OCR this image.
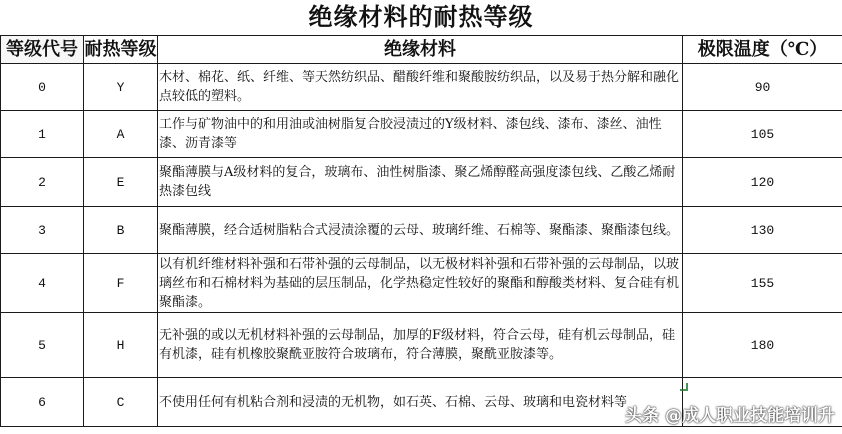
绝缘材料的耐热等级
等级代号	耐热等级	绝缘材料	极限温度（℃）
0	Y	木材、棉花、纸、纤维、等天然纺织品、醋酸纤维和聚酸胺纺织品，以及易于热分解和融化点较低的塑料。	90
1	A	工作与矿物油中的和用油或油树脂复合胶浸渍过的Y级材料、漆包线、漆布、漆丝、油性漆、沥青漆等	105
2	E	聚酯薄膜与A级材料的复合，玻璃布、油性树脂漆、聚乙烯醇醛高强度漆包线、乙酸乙烯耐热漆包线	120
3	B	聚酯薄膜，经合适树脂粘合式浸渍涂覆的云母、玻璃纤维、石棉等、聚酯漆、聚酯漆包线。	130
4	F	以有机纤维材料补强和石带补强的云母制品，以无极材料补强和石带补强的云母制品，以玻璃丝布和石棉材料为基础的层压制品，化学热稳定性较好的聚酯和醇酸类材料、复合硅有机聚酯漆。	155
5	H	无补强的或以无机材料补强的云母制品，加厚的F级材料，符合云母，硅有机云母制品，硅有机漆，硅有机橡胶聚酰亚胺符合玻璃布，符合薄膜，聚酰亚胺漆等。	180
6	C	不使用任何有机粘合剂和浸渍的无机物，如石英、石棉、云母、玻璃和电瓷材料等	
头条 @成人职业技能培训升
